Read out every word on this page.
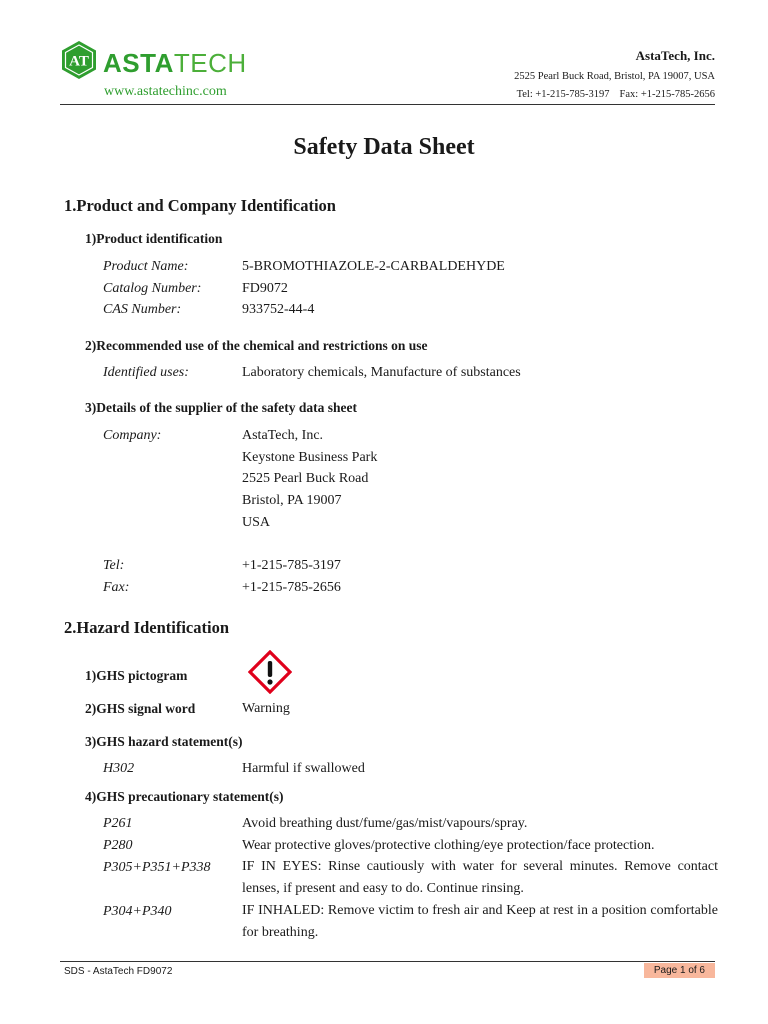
AT ASTATECH
www.astatechinc.com
AstaTech, Inc.
2525 Pearl Buck Road, Bristol, PA 19007, USA
Tel: +1-215-785-3197 Fax: +1-215-785-2656
Safety Data Sheet
1.Product and Company Identification
1)Product identification
Product Name:	5-BROMOTHIAZOLE-2-CARBALDEHYDE
Catalog Number:	FD9072
CAS Number:	933752-44-4
2)Recommended use of the chemical and restrictions on use
Identified uses:	Laboratory chemicals, Manufacture of substances
3)Details of the supplier of the safety data sheet
Company:	AstaTech, Inc.
Keystone Business Park
2525 Pearl Buck Road
Bristol, PA 19007
USA
Tel:	+1-215-785-3197
Fax:	+1-215-785-2656
2.Hazard Identification
1)GHS pictogram
2)GHS signal word	Warning
3)GHS hazard statement(s)
H302	Harmful if swallowed
4)GHS precautionary statement(s)
P261	Avoid breathing dust/fume/gas/mist/vapours/spray.
P280	Wear protective gloves/protective clothing/eye protection/face protection.
P305+P351+P338 IF IN EYES: Rinse cautiously with water for several minutes. Remove contact lenses, if present and easy to do. Continue rinsing.
P304+P340	IF INHALED: Remove victim to fresh air and Keep at rest in a position comfortable for breathing.
SDS - AstaTech FD9072	Page 1 of 6
